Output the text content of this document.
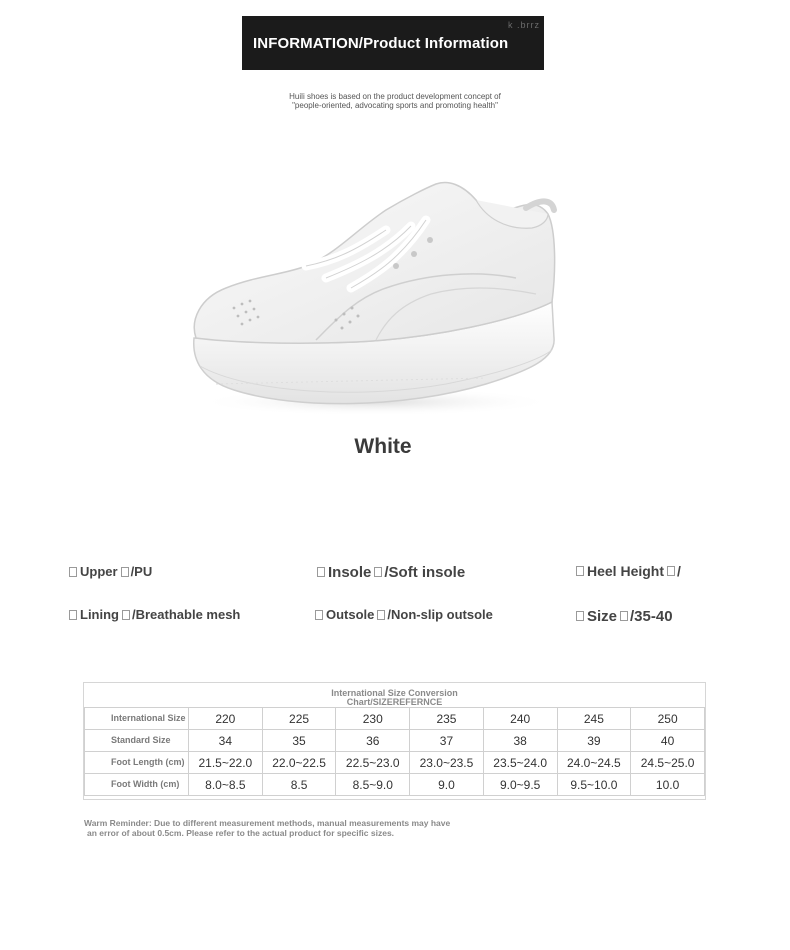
INFORMATION/Product Information
k .brrz
Huili shoes is based on the product development concept of
"people-oriented, advocating sports and promoting health"
White
Upper /PU	Insole /Soft insole	Heel Height /
Lining /Breathable mesh	Outsole /Non-slip outsole	Size /35-40
International Size Conversion
Chart/SIZEREFERNCE
International Size	220	225	230	235	240	245	250
Standard Size	34	35	36	37	38	39	40
Foot Length (cm)	21.5~22.0	22.0~22.5	22.5~23.0	23.0~23.5	23.5~24.0	24.0~24.5	24.5~25.0
Foot Width (cm)	8.0~8.5	8.5	8.5~9.0	9.0	9.0~9.5	9.5~10.0	10.0
Warm Reminder: Due to different measurement methods, manual measurements may have
an error of about 0.5cm. Please refer to the actual product for specific sizes.
